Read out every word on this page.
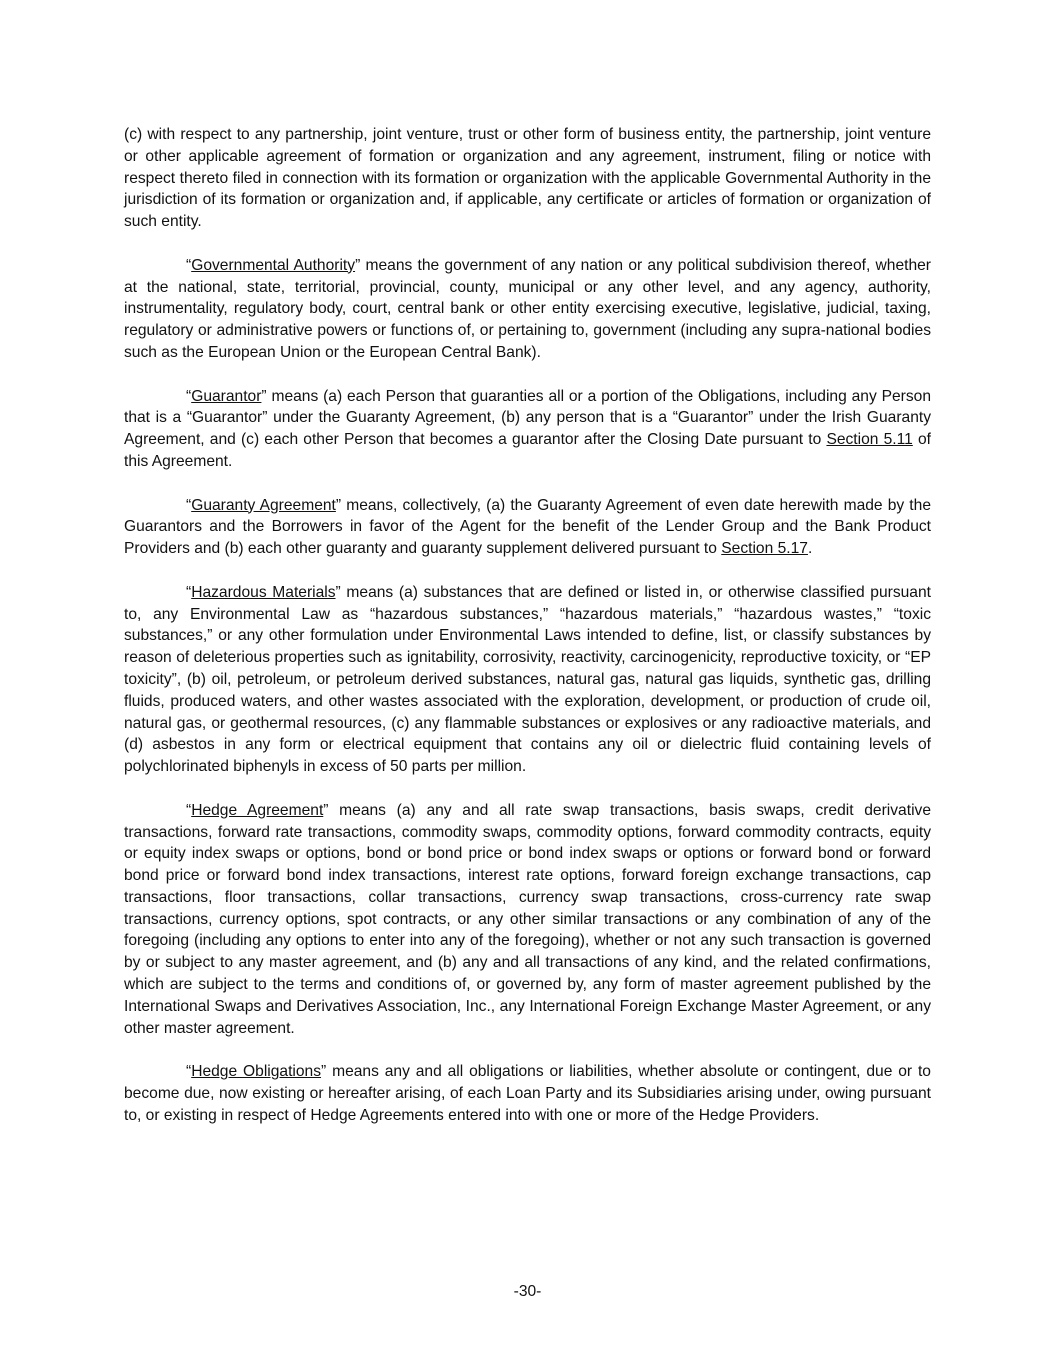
(c) with respect to any partnership, joint venture, trust or other form of business entity, the partnership, joint venture or other applicable agreement of formation or organization and any agreement, instrument, filing or notice with respect thereto filed in connection with its formation or organization with the applicable Governmental Authority in the jurisdiction of its formation or organization and, if applicable, any certificate or articles of formation or organization of such entity.

“Governmental Authority” means the government of any nation or any political subdivision thereof, whether at the national, state, territorial, provincial, county, municipal or any other level, and any agency, authority, instrumentality, regulatory body, court, central bank or other entity exercising executive, legislative, judicial, taxing, regulatory or administrative powers or functions of, or pertaining to, government (including any supra-national bodies such as the European Union or the European Central Bank).

“Guarantor” means (a) each Person that guaranties all or a portion of the Obligations, including any Person that is a “Guarantor” under the Guaranty Agreement, (b) any person that is a “Guarantor” under the Irish Guaranty Agreement, and (c) each other Person that becomes a guarantor after the Closing Date pursuant to Section 5.11 of this Agreement.

“Guaranty Agreement” means, collectively, (a) the Guaranty Agreement of even date herewith made by the Guarantors and the Borrowers in favor of the Agent for the benefit of the Lender Group and the Bank Product Providers and (b) each other guaranty and guaranty supplement delivered pursuant to Section 5.17.

“Hazardous Materials” means (a) substances that are defined or listed in, or otherwise classified pursuant to, any Environmental Law as “hazardous substances,” “hazardous materials,” “hazardous wastes,” “toxic substances,” or any other formulation under Environmental Laws intended to define, list, or classify substances by reason of deleterious properties such as ignitability, corrosivity, reactivity, carcinogenicity, reproductive toxicity, or “EP toxicity”, (b) oil, petroleum, or petroleum derived substances, natural gas, natural gas liquids, synthetic gas, drilling fluids, produced waters, and other wastes associated with the exploration, development, or production of crude oil, natural gas, or geothermal resources, (c) any flammable substances or explosives or any radioactive materials, and (d) asbestos in any form or electrical equipment that contains any oil or dielectric fluid containing levels of polychlorinated biphenyls in excess of 50 parts per million.

“Hedge Agreement” means (a) any and all rate swap transactions, basis swaps, credit derivative transactions, forward rate transactions, commodity swaps, commodity options, forward commodity contracts, equity or equity index swaps or options, bond or bond price or bond index swaps or options or forward bond or forward bond price or forward bond index transactions, interest rate options, forward foreign exchange transactions, cap transactions, floor transactions, collar transactions, currency swap transactions, cross-currency rate swap transactions, currency options, spot contracts, or any other similar transactions or any combination of any of the foregoing (including any options to enter into any of the foregoing), whether or not any such transaction is governed by or subject to any master agreement, and (b) any and all transactions of any kind, and the related confirmations, which are subject to the terms and conditions of, or governed by, any form of master agreement published by the International Swaps and Derivatives Association, Inc., any International Foreign Exchange Master Agreement, or any other master agreement.

“Hedge Obligations” means any and all obligations or liabilities, whether absolute or contingent, due or to become due, now existing or hereafter arising, of each Loan Party and its Subsidiaries arising under, owing pursuant to, or existing in respect of Hedge Agreements entered into with one or more of the Hedge Providers.

-30-
